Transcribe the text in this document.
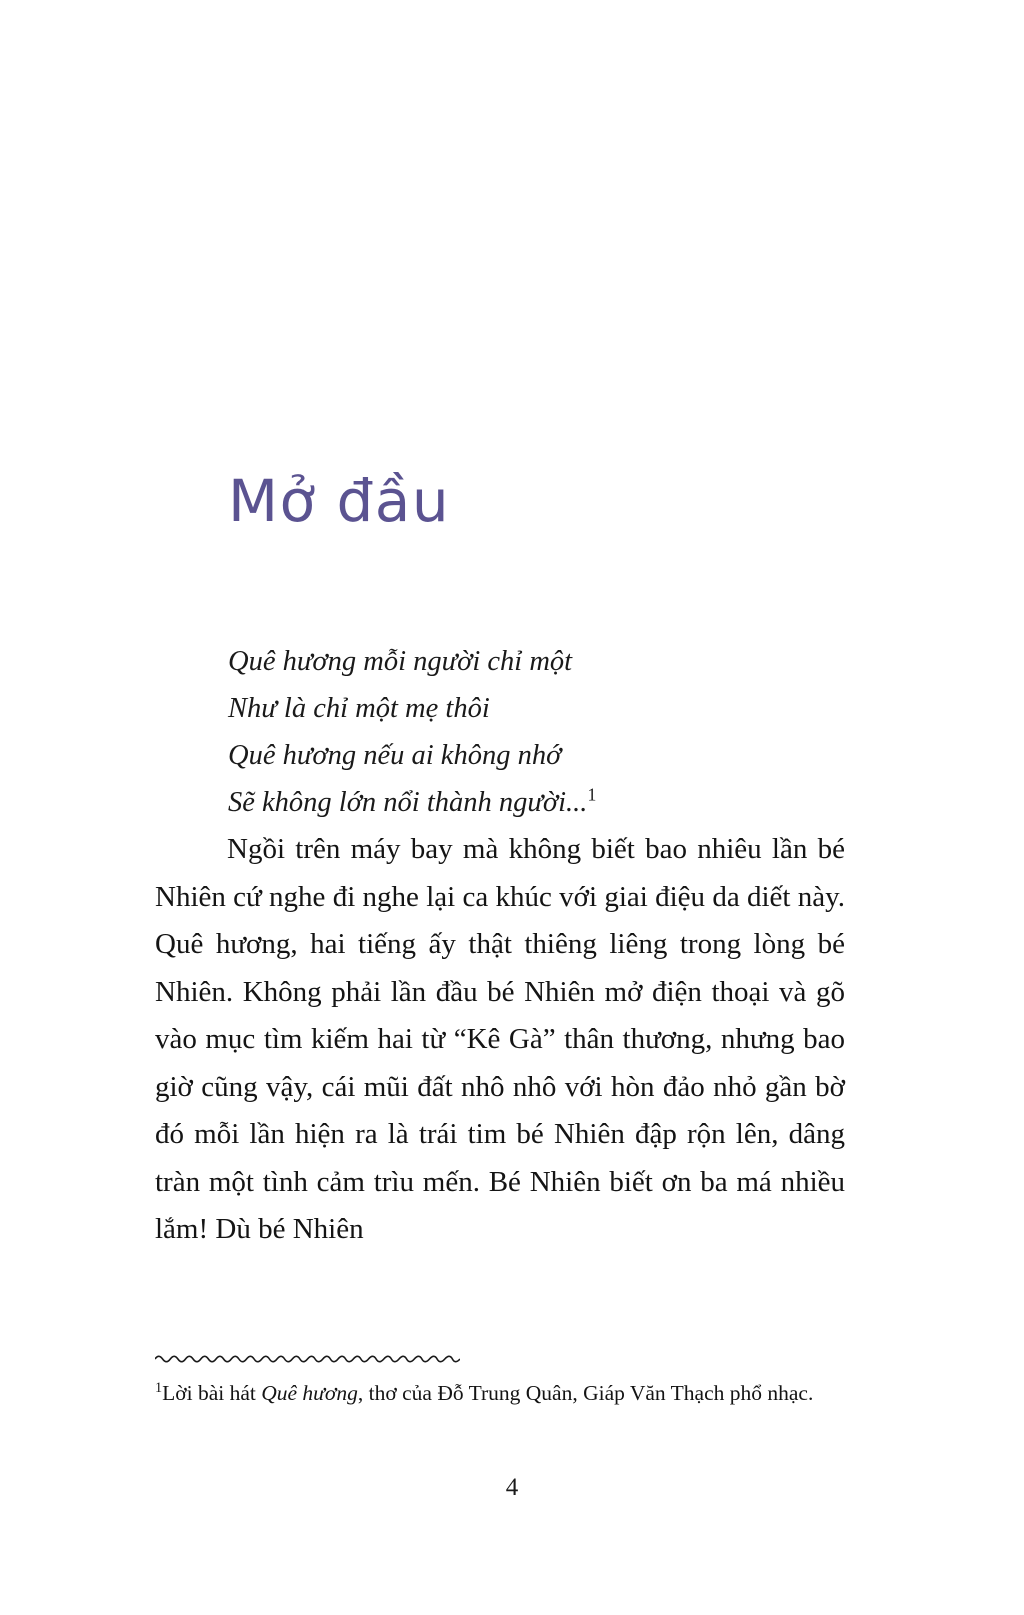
Mở đầu
Quê hương mỗi người chỉ một
Như là chỉ một mẹ thôi
Quê hương nếu ai không nhớ
Sẽ không lớn nổi thành người...$^1$

Ngồi trên máy bay mà không biết bao nhiêu lần bé Nhiên cứ nghe đi nghe lại ca khúc với giai điệu da diết này. Quê hương, hai tiếng ấy thật thiêng liêng trong lòng bé Nhiên. Không phải lần đầu bé Nhiên mở điện thoại và gõ vào mục tìm kiếm hai từ “Kê Gà” thân thương, nhưng bao giờ cũng vậy, cái mũi đất nhô nhô với hòn đảo nhỏ gần bờ đó mỗi lần hiện ra là trái tim bé Nhiên đập rộn lên, dâng tràn một tình cảm trìu mến. Bé Nhiên biết ơn ba má nhiều lắm! Dù bé Nhiên

$^1$Lời bài hát Quê hương, thơ của Đỗ Trung Quân, Giáp Văn Thạch phổ nhạc.

4
